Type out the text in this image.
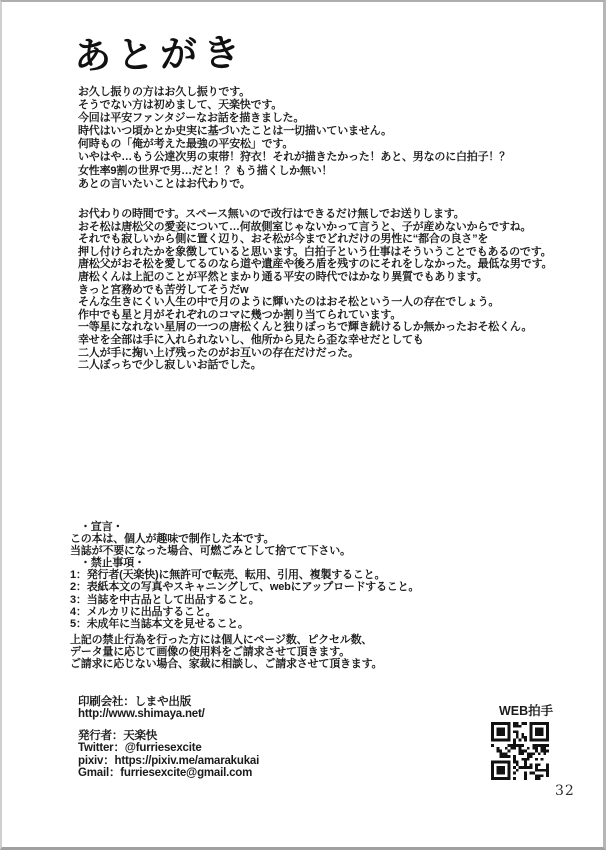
あとがき
お久し振りの方はお久し振りです。
そうでない方は初めまして、天楽快です。
今回は平安ファンタジーなお話を描きました。
時代はいつ頃かとか史実に基づいたことは一切描いていません。
何時もの「俺が考えた最強の平安松」です。
いやはや…もう公達次男の束帯！狩衣！それが描きたかった！あと、男なのに白拍子！？
女性率9割の世界で男…だと！？もう描くしか無い！
あとの言いたいことはお代わりで。
お代わりの時間です。スペース無いので改行はできるだけ無しでお送りします。
おそ松は唐松父の愛妾について…何故側室じゃないかって言うと、子が産めないからですね。
それでも寂しいから側に置く辺り、おそ松が今までどれだけの男性に“都合の良さ”を
押し付けられたかを象徴していると思います。白拍子という仕事はそういうことでもあるのです。
唐松父がおそ松を愛してるのなら道や遺産や後ろ盾を残すのにそれをしなかった。最低な男です。
唐松くんは上記のことが平然とまかり通る平安の時代ではかなり異質でもあります。
きっと宮務めでも苦労してそうだw
そんな生きにくい人生の中で月のように輝いたのはおそ松という一人の存在でしょう。
作中でも星と月がそれぞれのコマに幾つか割り当てられています。
一等星になれない星屑の一つの唐松くんと独りぼっちで輝き続けるしか無かったおそ松くん。
幸せを全部は手に入れられないし、他所から見たら歪な幸せだとしても
二人が手に掬い上げ残ったのがお互いの存在だけだった。
二人ぼっちで少し寂しいお話でした。
・宣言・
この本は、個人が趣味で制作した本です。
当誌が不要になった場合、可燃ごみとして捨てて下さい。
・禁止事項・
1：発行者(天楽快)に無許可で転売、転用、引用、複製すること。
2：表紙本文の写真やスキャニングして、webにアップロードすること。
3：当誌を中古品として出品すること。
4：メルカリに出品すること。
5：未成年に当誌本文を見せること。
上記の禁止行為を行った方には個人にページ数、ピクセル数、
データ量に応じて画像の使用料をご請求させて頂きます。
ご請求に応じない場合、家裁に相談し、ご請求させて頂きます。
印刷会社：しまや出版
http://www.shimaya.net/
発行者：天楽快
Twitter：@furriesexcite
pixiv：https://pixiv.me/amarakukai
Gmail：furriesexcite@gmail.com
WEB拍手
32
